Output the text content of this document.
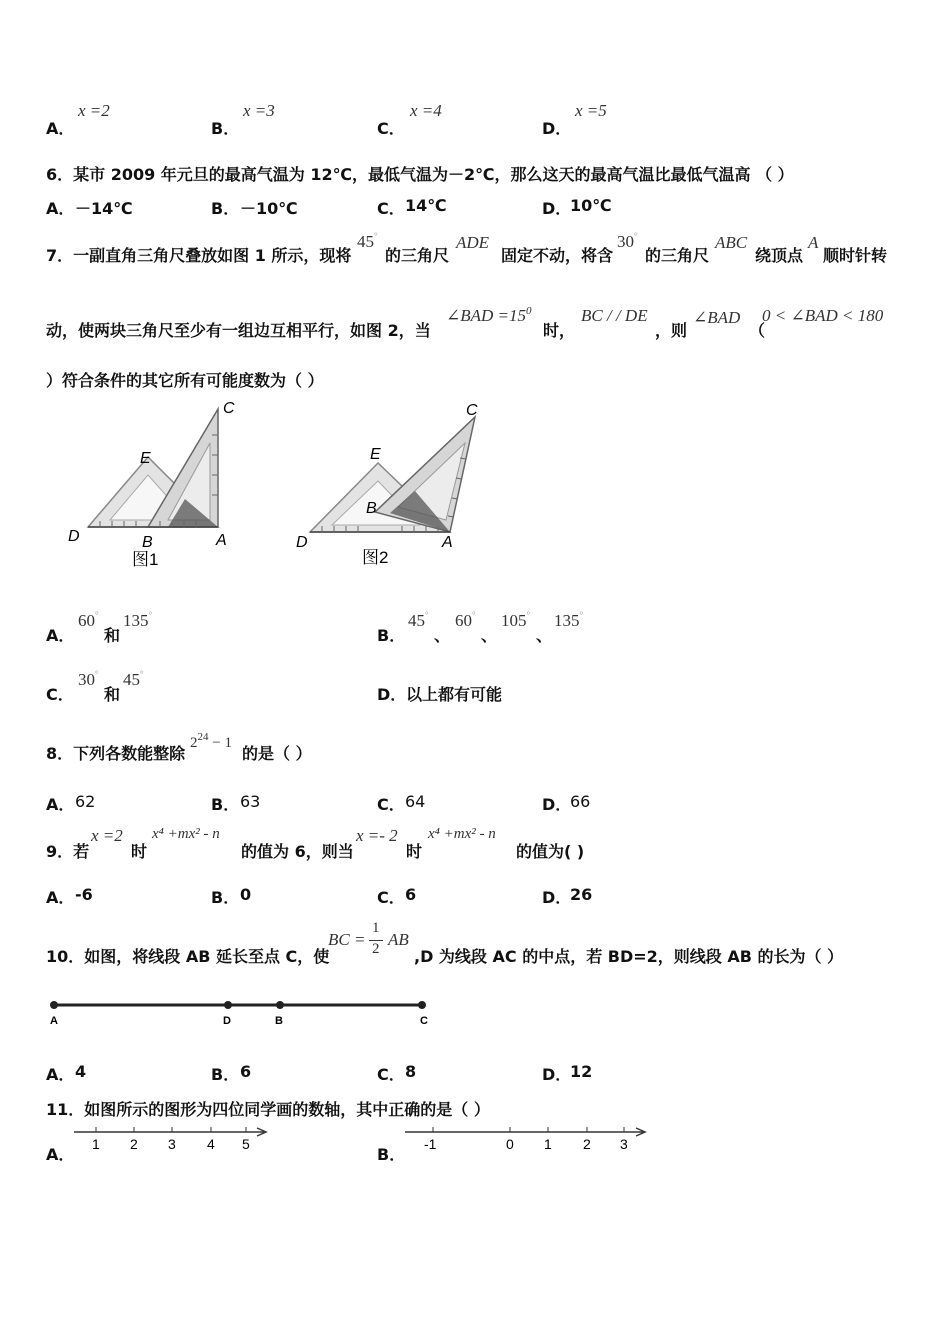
A．
x =2
B．
x =3
C．
x =4
D．
x =5
6．某市 2009 年元旦的最高气温为 12℃，最低气温为－2℃，那么这天的最高气温比最低气温高 （ ）
A． －14℃	B． －10℃	C． 14℃	D．
10℃
7．一副直角三角尺叠放如图 1 所示，现将
45°
的三角尺
ADE
固定不动，将含
30°
的三角尺
ABC
绕顶点
A
顺时针转
动，使两块三角尺至少有一组边互相平行，如图 2，当
∠BAD $=15^0$
时，
BC / / DE
，则
∠BAD
（
0 < ∠BAD < 180
）符合条件的其它所有可能度数为（ ）
C
E
D	B	A
图1
C
E
B
D	A
图2
A．
60°
和
135°
B．
45°
、
60°
、
105°
、
135°
C．
30°
和
45°
D． 以上都有可能
8．下列各数能整除
$2^{24} - 1$
的是（ ）
A． 62	B． 63	C． 64	D．
66
9．若
x =2
时
x⁴ +mx² - n
的值为 6，则当
x =- 2
时
x⁴ +mx² - n
的值为( )
A． -6	B． 0	C． 6	D．
26
10．如图，将线段 AB 延长至点 C，使
BC =
1
2 AB
,D 为线段 AC 的中点，若 BD=2，则线段 AB 的长为（ ）
A	D	B	C
A． 4	B． 6	C． 8	D．
12
11．如图所示的图形为四位同学画的数轴，其中正确的是（ ）
A．
1 2 3 4 5
B．
-1	0 1 2 3
